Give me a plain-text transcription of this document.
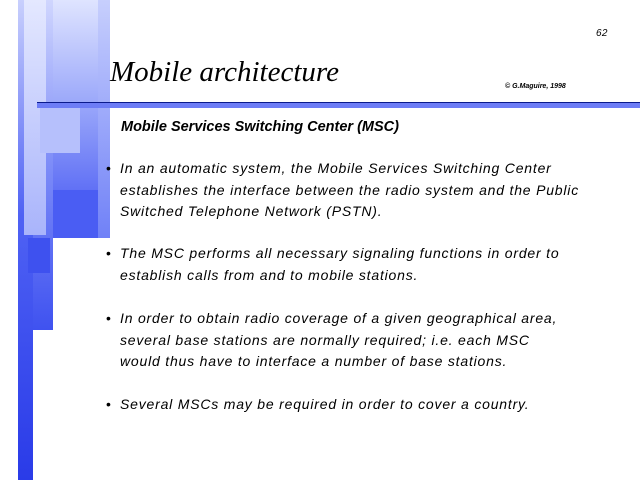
62
Mobile architecture	© G.Maguire, 1998
Mobile Services Switching Center (MSC)
• In an automatic system, the Mobile Services Switching Center
establishes the interface between the radio system and the Public
Switched Telephone Network (PSTN).
• The MSC performs all necessary signaling functions in order to
establish calls from and to mobile stations.
• In order to obtain radio coverage of a given geographical area,
several base stations are normally required; i.e. each MSC
would thus have to interface a number of base stations.
• Several MSCs may be required in order to cover a country.
